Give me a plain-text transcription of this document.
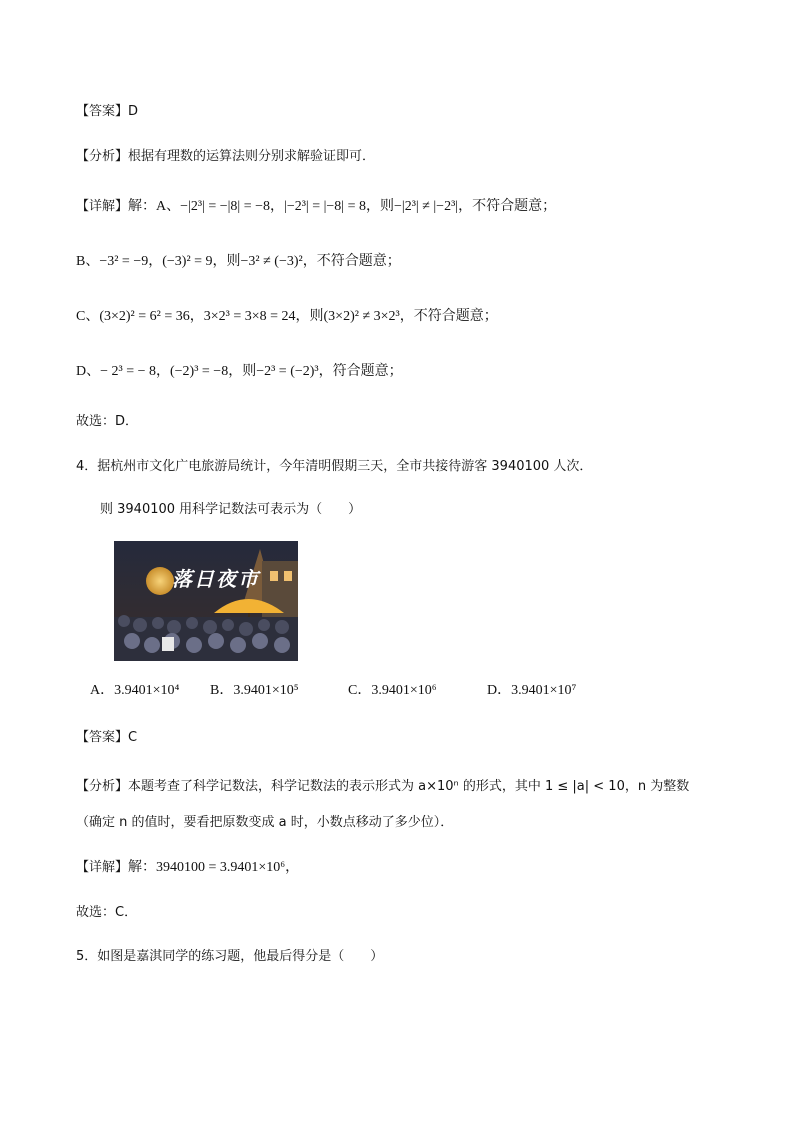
【答案】D
【分析】根据有理数的运算法则分别求解验证即可．
【详解】解：A、−|2³| = −|8| = −8，|−2³| = |−8| = 8，则−|2³| ≠ |−2³|，不符合题意；
B、−3² = −9，(−3)² = 9，则−3² ≠ (−3)²，不符合题意；
C、(3×2)² = 6² = 36，3×2³ = 3×8 = 24，则(3×2)² ≠ 3×2³，不符合题意；
D、− 2³ = − 8，(−2)³ = −8，则−2³ = (−2)³，符合题意；
故选：D．
4．据杭州市文化广电旅游局统计，今年清明假期三天，全市共接待游客 3940100 人次．
则 3940100 用科学记数法可表示为（　　）
落日夜市
A．3.9401×10⁴ B．3.9401×10⁵	C．3.9401×10⁶	D．3.9401×10⁷
【答案】C
【分析】本题考查了科学记数法，科学记数法的表示形式为 a×10ⁿ 的形式，其中 1 ≤ |a| < 10，n 为整数
（确定 n 的值时，要看把原数变成 a 时，小数点移动了多少位）．
【详解】解：3940100 = 3.9401×10⁶，
故选：C．
5．如图是嘉淇同学的练习题，他最后得分是（　　）
